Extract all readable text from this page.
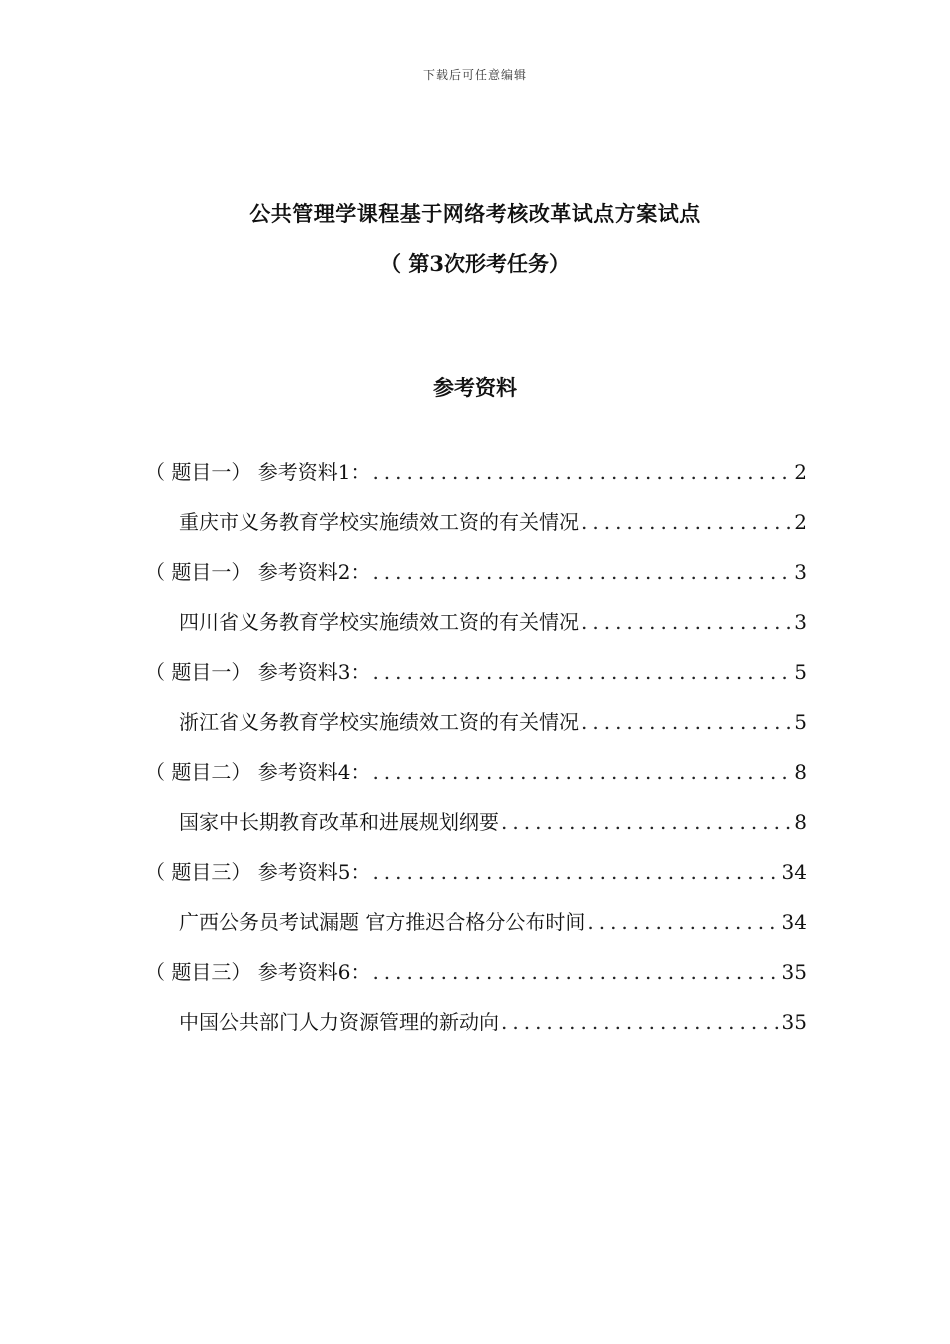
下载后可任意编辑
公共管理学课程基于网络考核改革试点方案试点
（ 第3次形考任务）
参考资料
（ 题目一） 参考资料1： .....	2
重庆市义务教育学校实施绩效工资的有关情况 .....	2
（ 题目一） 参考资料2： .....	3
四川省义务教育学校实施绩效工资的有关情况 .....	3
（ 题目一） 参考资料3： .....	5
浙江省义务教育学校实施绩效工资的有关情况 .....	5
（ 题目二） 参考资料4： .....	8
国家中长期教育改革和进展规划纲要 .....	8
（ 题目三） 参考资料5： .....	34
广西公务员考试漏题 官方推迟合格分公布时间 .....	34
（ 题目三） 参考资料6： .....	35
中国公共部门人力资源管理的新动向 .....	35
